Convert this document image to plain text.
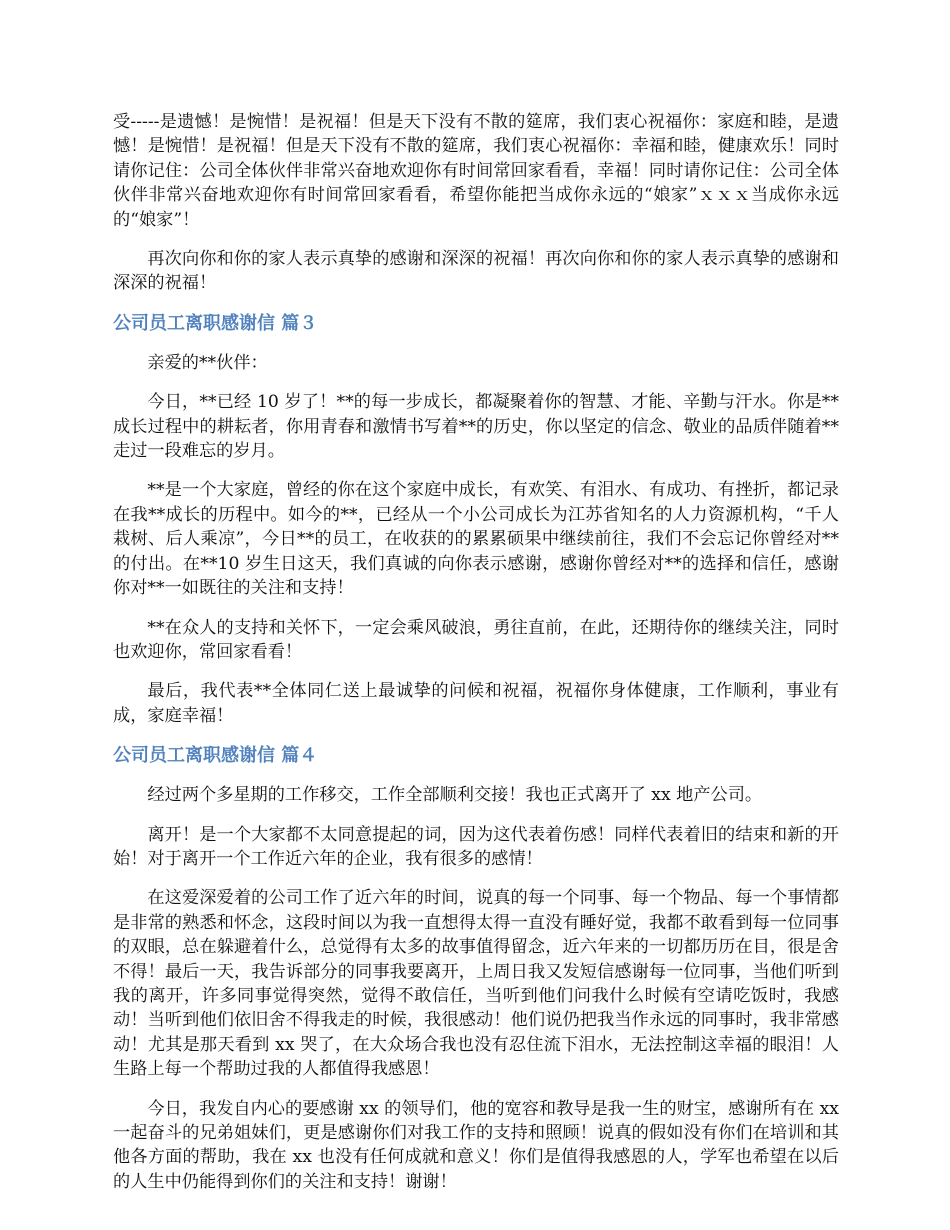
受-----是遗憾！是惋惜！是祝福！但是天下没有不散的筵席，我们衷心祝福你：家庭和睦，是遗憾！是惋惜！是祝福！但是天下没有不散的筵席，我们衷心祝福你：幸福和睦，健康欢乐！同时请你记住：公司全体伙伴非常兴奋地欢迎你有时间常回家看看，幸福！同时请你记住：公司全体伙伴非常兴奋地欢迎你有时间常回家看看，希望你能把当成你永远的“娘家”ｘｘｘ当成你永远的“娘家”！

再次向你和你的家人表示真挚的感谢和深深的祝福！再次向你和你的家人表示真挚的感谢和深深的祝福！

公司员工离职感谢信 篇３

亲爱的**伙伴：

今日，**已经 10 岁了！**的每一步成长，都凝聚着你的智慧、才能、辛勤与汗水。你是**成长过程中的耕耘者，你用青春和激情书写着**的历史，你以坚定的信念、敬业的品质伴随着**走过一段难忘的岁月。

**是一个大家庭，曾经的你在这个家庭中成长，有欢笑、有泪水、有成功、有挫折，都记录在我**成长的历程中。如今的**，已经从一个小公司成长为江苏省知名的人力资源机构，“千人栽树、后人乘凉”，今日**的员工，在收获的的累累硕果中继续前往，我们不会忘记你曾经对**的付出。在**10 岁生日这天，我们真诚的向你表示感谢，感谢你曾经对**的选择和信任，感谢你对**一如既往的关注和支持！

**在众人的支持和关怀下，一定会乘风破浪，勇往直前，在此，还期待你的继续关注，同时也欢迎你，常回家看看！

最后，我代表**全体同仁送上最诚挚的问候和祝福，祝福你身体健康，工作顺利，事业有成，家庭幸福！

公司员工离职感谢信 篇４

经过两个多星期的工作移交，工作全部顺利交接！我也正式离开了 xx 地产公司。

离开！是一个大家都不太同意提起的词，因为这代表着伤感！同样代表着旧的结束和新的开始！对于离开一个工作近六年的企业，我有很多的感情！

在这爱深爱着的公司工作了近六年的时间，说真的每一个同事、每一个物品、每一个事情都是非常的熟悉和怀念，这段时间以为我一直想得太得一直没有睡好觉，我都不敢看到每一位同事的双眼，总在躲避着什么，总觉得有太多的故事值得留念，近六年来的一切都历历在目，很是舍不得！最后一天，我告诉部分的同事我要离开，上周日我又发短信感谢每一位同事，当他们听到我的离开，许多同事觉得突然，觉得不敢信任，当听到他们问我什么时候有空请吃饭时，我感动！当听到他们依旧舍不得我走的时候，我很感动！他们说仍把我当作永远的同事时，我非常感动！尤其是那天看到 xx 哭了，在大众场合我也没有忍住流下泪水，无法控制这幸福的眼泪！人生路上每一个帮助过我的人都值得我感恩！

今日，我发自内心的要感谢 xx 的领导们，他的宽容和教导是我一生的财宝，感谢所有在 xx 一起奋斗的兄弟姐妹们，更是感谢你们对我工作的支持和照顾！说真的假如没有你们在培训和其他各方面的帮助，我在 xx 也没有任何成就和意义！你们是值得我感恩的人，学军也希望在以后的人生中仍能得到你们的关注和支持！谢谢！
